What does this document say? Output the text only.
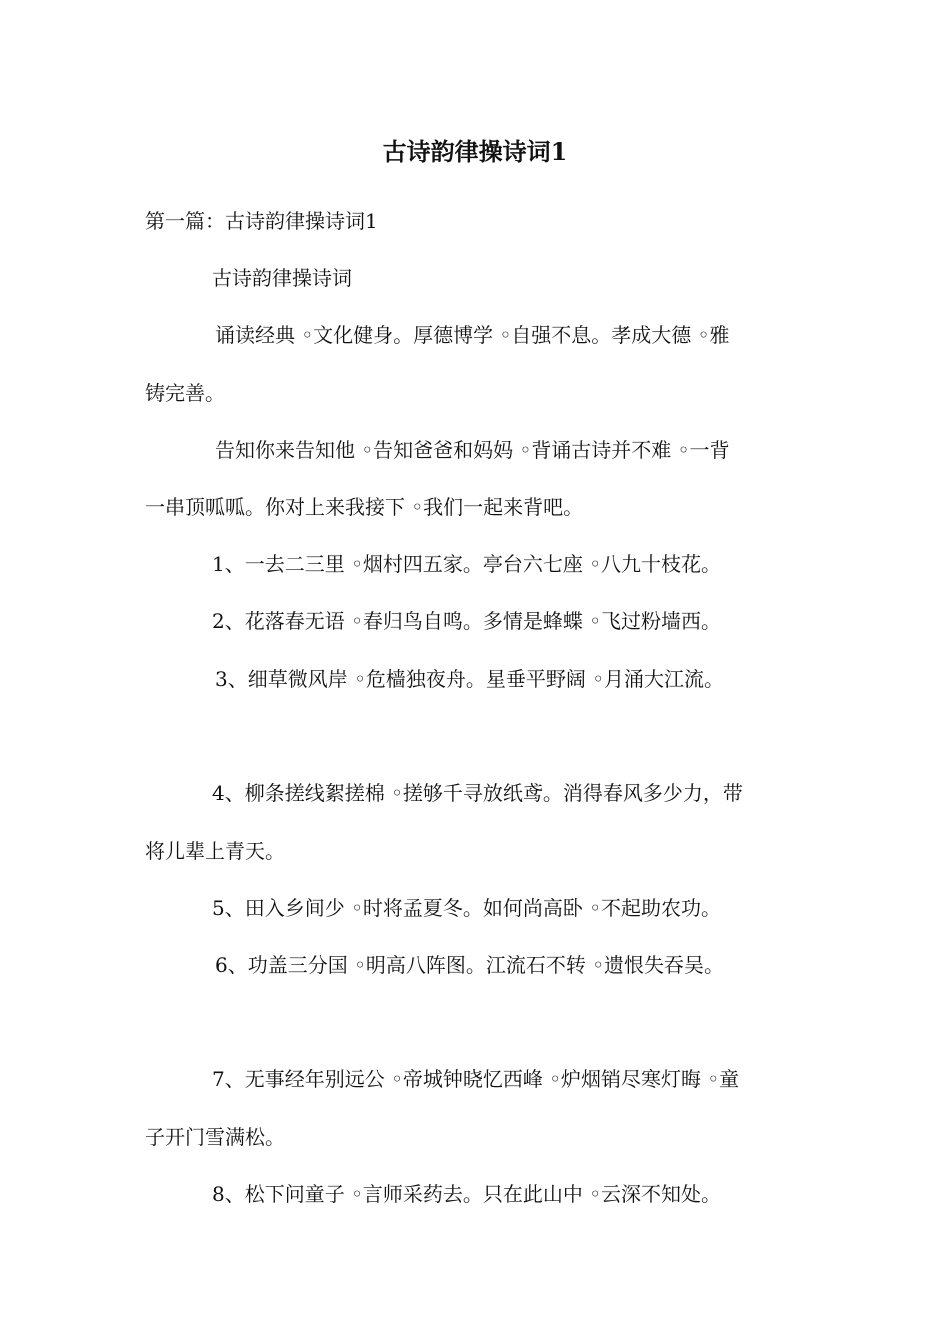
古诗韵律操诗词1
第一篇：古诗韵律操诗词1
古诗韵律操诗词
诵读经典 ◦文化健身。厚德博学 ◦自强不息。孝成大德 ◦雅
铸完善。
告知你来告知他 ◦告知爸爸和妈妈 ◦背诵古诗并不难 ◦一背
一串顶呱呱。你对上来我接下 ◦我们一起来背吧。
1、一去二三里 ◦烟村四五家。亭台六七座 ◦八九十枝花。
2、花落春无语 ◦春归鸟自鸣。多情是蜂蝶 ◦飞过粉墙西。
3、细草微风岸 ◦危樯独夜舟。星垂平野阔 ◦月涌大江流。
4、柳条搓线絮搓棉 ◦搓够千寻放纸鸢。消得春风多少力，带
将儿辈上青天。
5、田入乡间少 ◦时将孟夏冬。如何尚高卧 ◦不起助农功。
6、功盖三分国 ◦明高八阵图。江流石不转 ◦遗恨失吞吴。
7、无事经年别远公 ◦帝城钟晓忆西峰 ◦炉烟销尽寒灯晦 ◦童
子开门雪满松。
8、松下问童子 ◦言师采药去。只在此山中 ◦云深不知处。
